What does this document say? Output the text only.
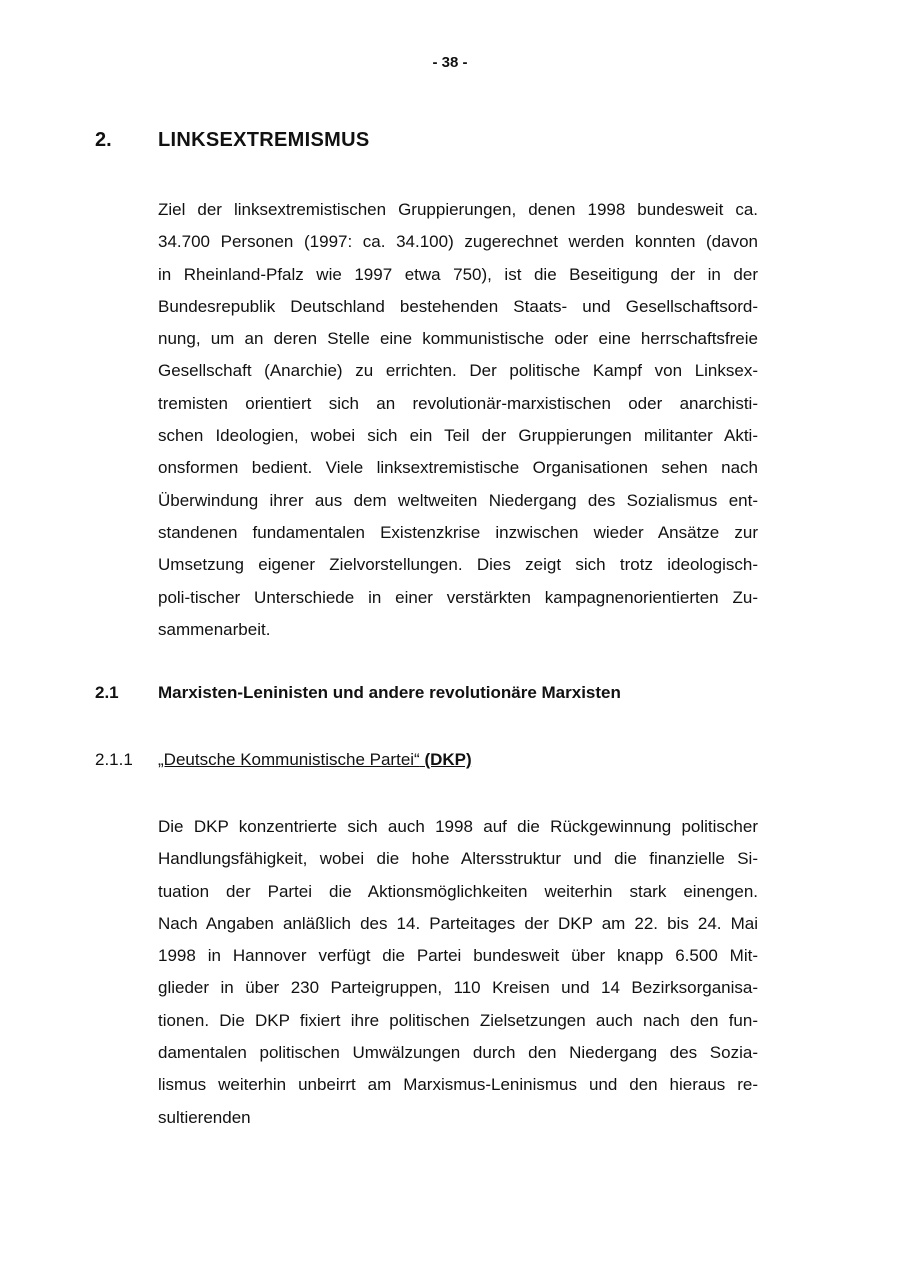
- 38 -
2. LINKSEXTREMISMUS
Ziel der linksextremistischen Gruppierungen, denen 1998 bundesweit ca.
34.700 Personen (1997: ca. 34.100) zugerechnet werden konnten (davon
in Rheinland-Pfalz wie 1997 etwa 750), ist die Beseitigung der in der
Bundesrepublik Deutschland bestehenden Staats- und Gesellschaftsord-
nung, um an deren Stelle eine kommunistische oder eine herrschaftsfreie
Gesellschaft (Anarchie) zu errichten. Der politische Kampf von Linksex-
tremisten orientiert sich an revolutionär-marxistischen oder anarchisti-
schen Ideologien, wobei sich ein Teil der Gruppierungen militanter Akti-
onsformen bedient. Viele linksextremistische Organisationen sehen nach
Überwindung ihrer aus dem weltweiten Niedergang des Sozialismus ent-
standenen fundamentalen Existenzkrise inzwischen wieder Ansätze zur
Umsetzung eigener Zielvorstellungen. Dies zeigt sich trotz ideologisch-
poli-tischer Unterschiede in einer verstärkten kampagnenorientierten Zu-
sammenarbeit.
2.1 Marxisten-Leninisten und andere revolutionäre Marxisten
2.1.1 „Deutsche Kommunistische Partei“ (DKP)
Die DKP konzentrierte sich auch 1998 auf die Rückgewinnung politischer
Handlungsfähigkeit, wobei die hohe Altersstruktur und die finanzielle Si-
tuation der Partei die Aktionsmöglichkeiten weiterhin stark einengen.
Nach Angaben anläßlich des 14. Parteitages der DKP am 22. bis 24. Mai
1998 in Hannover verfügt die Partei bundesweit über knapp 6.500 Mit-
glieder in über 230 Parteigruppen, 110 Kreisen und 14 Bezirksorganisa-
tionen. Die DKP fixiert ihre politischen Zielsetzungen auch nach den fun-
damentalen politischen Umwälzungen durch den Niedergang des Sozia-
lismus weiterhin unbeirrt am Marxismus-Leninismus und den hieraus re-
sultierenden
